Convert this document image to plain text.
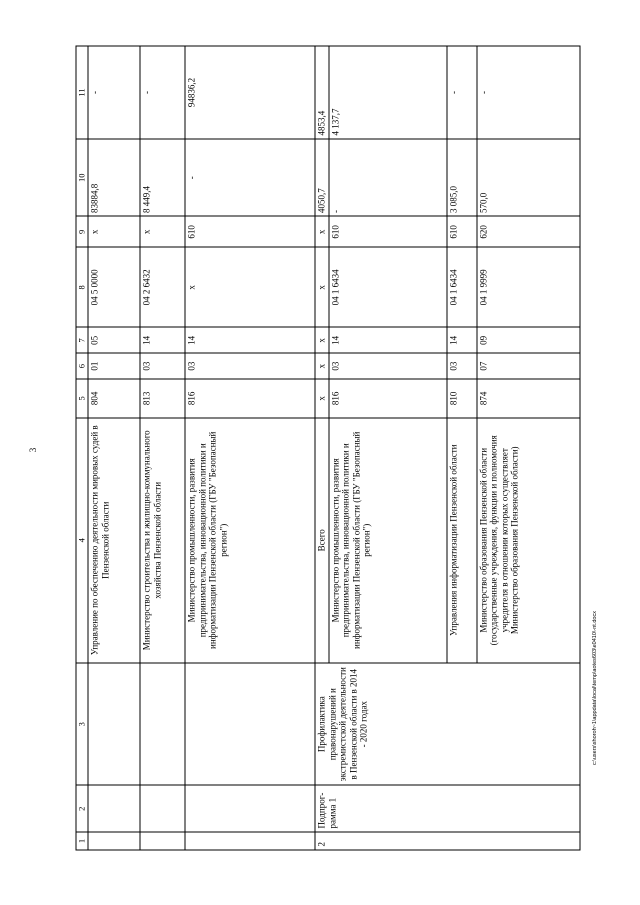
3
1	2	3	4	5	6	7	8	9	10	11
			Управление по обеспечению деятельности мировых судей в Пензенской области	804	01	05	04 5 0000	x	83884,8	-
			Министерство строительства и жилищно-коммунального хозяйства Пензенской области	813	03	14	04 2 6432	x	8 449,4	-
			Министерство промышленности, развития предпринимательства, инновационной политики и информатизации Пензенской области (ГБУ "Безопасный регион")	816	03	14	x	610	-	94836,2
2	Подпрог-рамма 1	Профилактика правонарушений и экстремистской деятельности в Пензенской области в 2014 - 2020 годах	Всего	x	x	x	x	x	4050,7	4853,4
			Министерство промышленности, развития предпринимательства, инновационной политики и информатизации Пензенской области (ГБУ "Безопасный регион")	816	03	14	04 1 6434	610	-	4 137,7
			Управления информатизации Пензенской области	810	03	14	04 1 6434	610	3 085,0	-
			Министерство образования Пензенской области (государственные учреждения, функции и полномочия учредителя в отношении которых осуществляет Министерство образования Пензенской области)	874	07	09	04 1 9999	620	570,0	-
c:\users\shoroh~1\appdata\local\temp\aotes603\e0410\-nt.docx
